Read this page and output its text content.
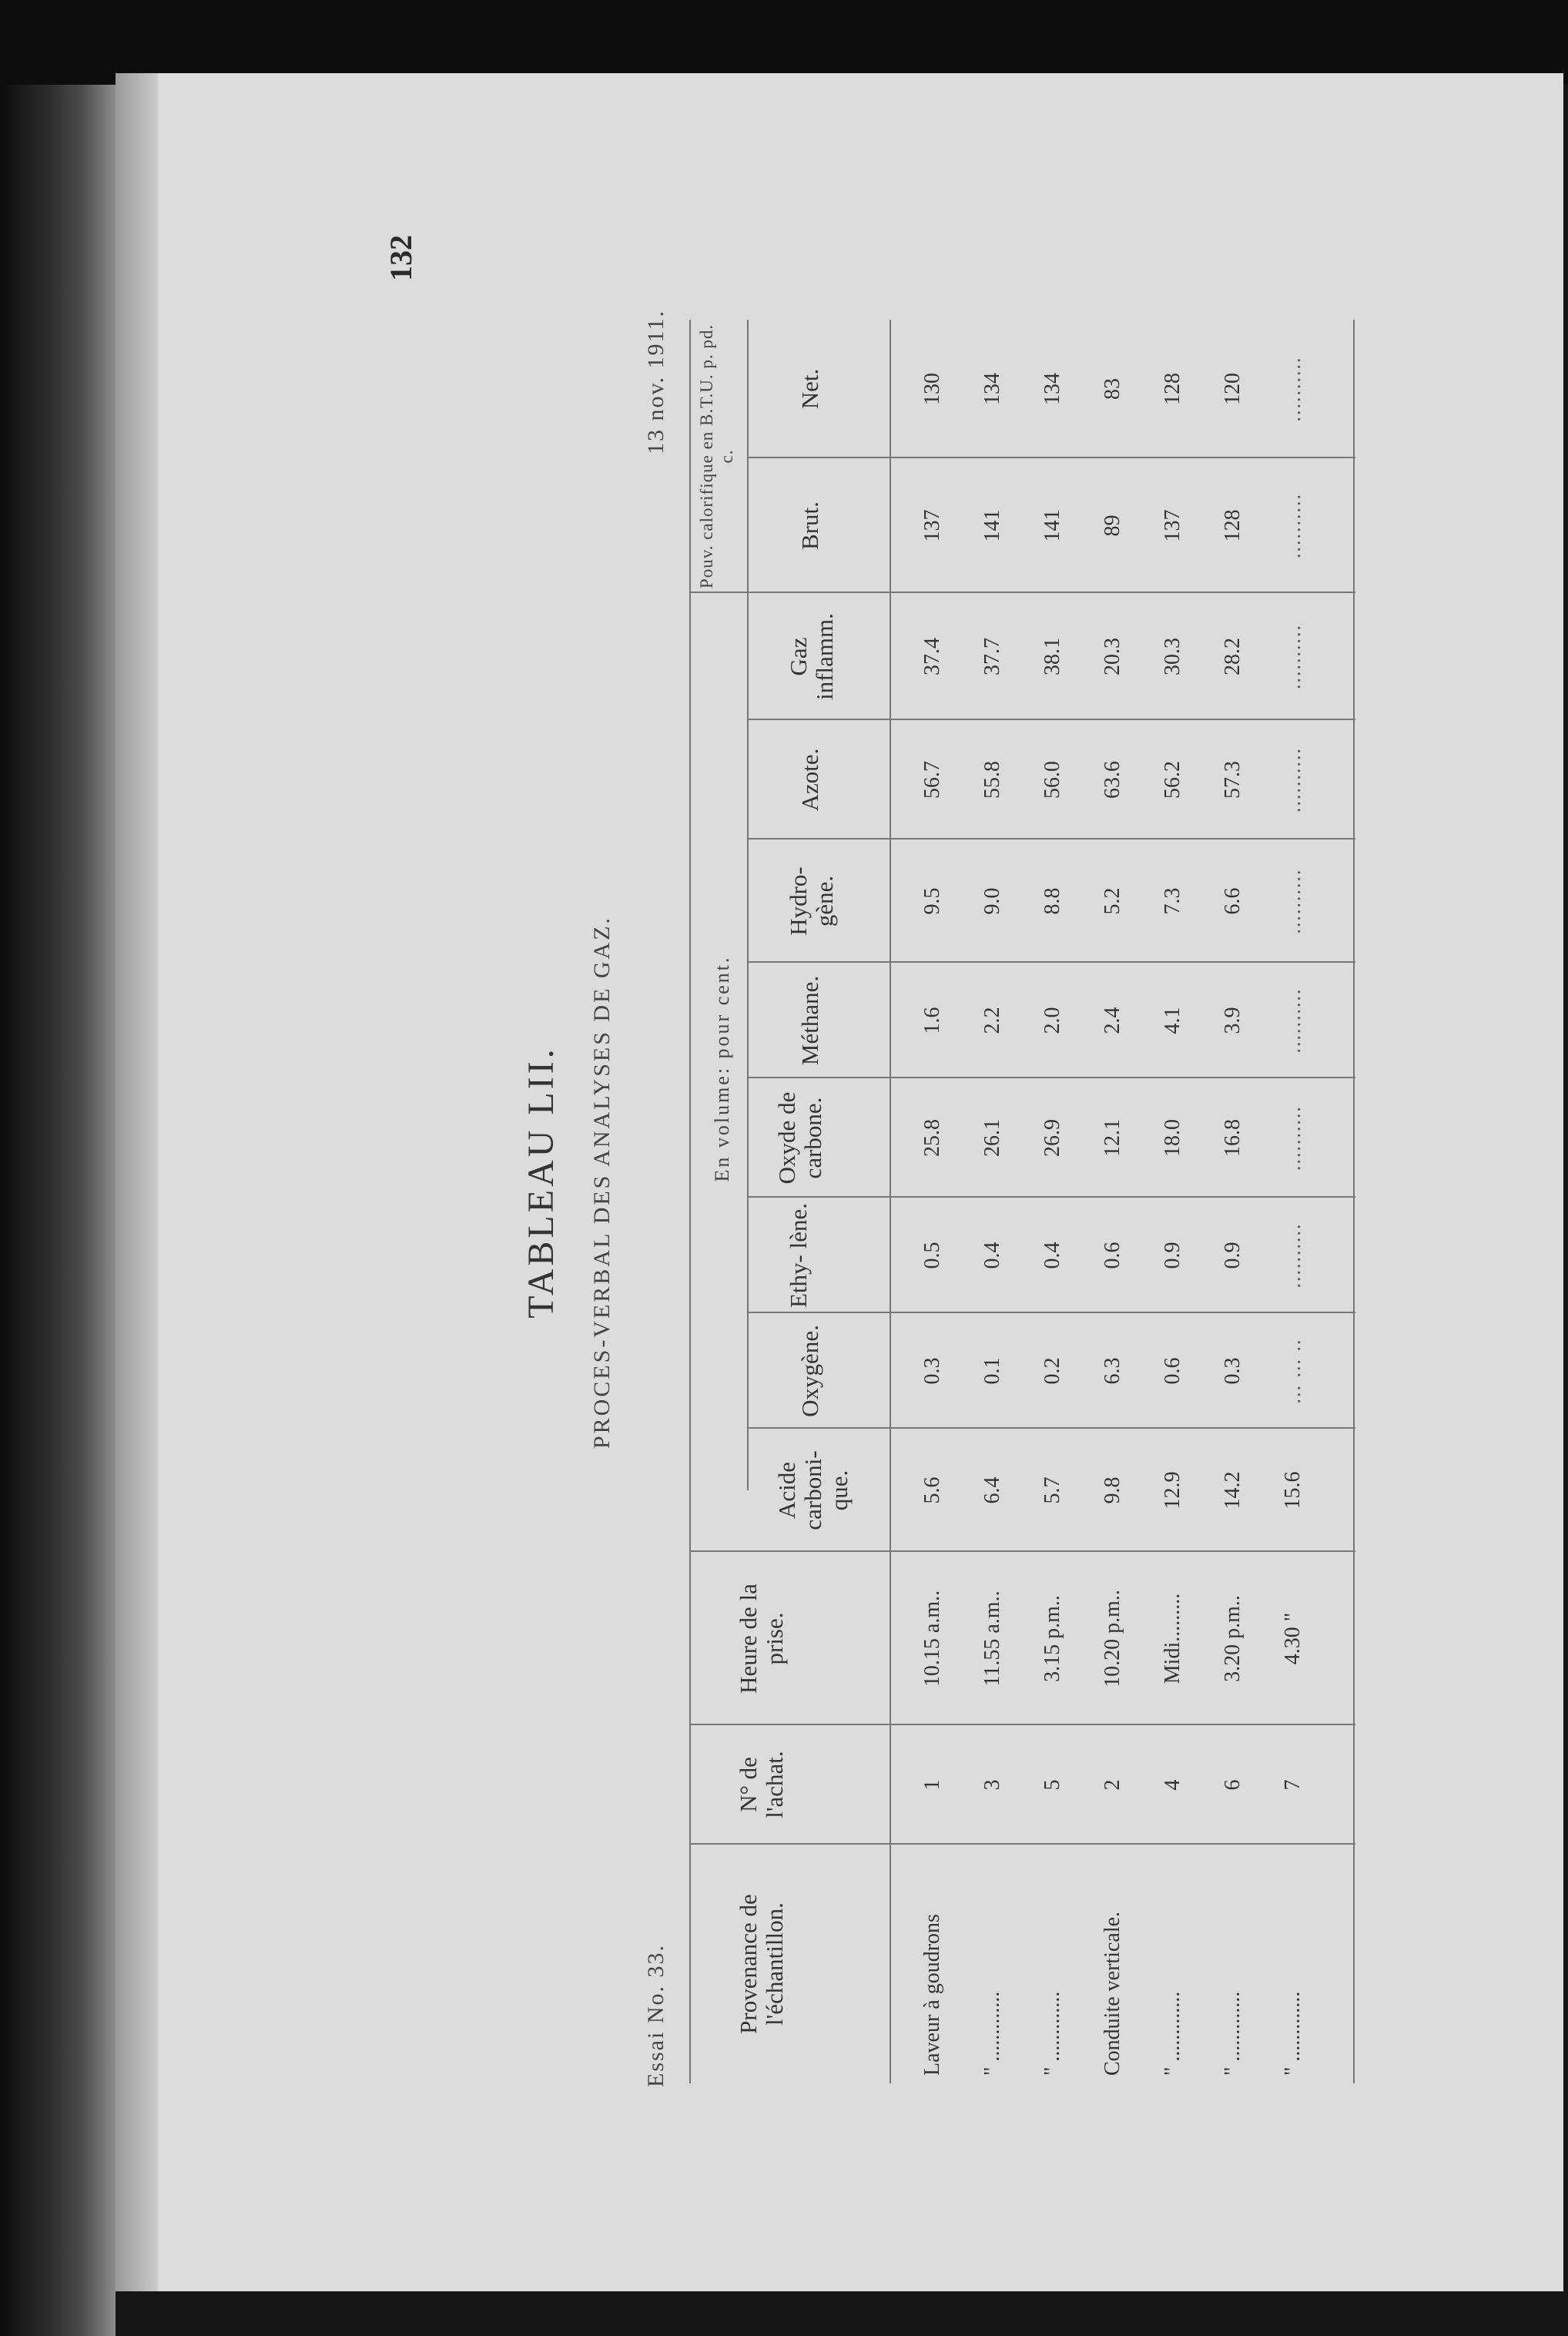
132
TABLEAU LII. PROCES-VERBAL DES ANALYSES DE GAZ.
Essai No. 33.
13 nov. 1911.
Provenance de l'échantillon.
N° de l'achat.
Heure de la prise.
En volume: pour cent.
Pouv. calorifique en B.T.U. p. pd. c.
Acide carboni- que.
Oxygène.
Ethy- lène.
Oxyde de carbone.
Méthane.
Hydro- gène.
Azote.
Gaz inflamm.
Brut.
Net.
Laveur à goudrons
1
10.15 a.m..
5.6
0.3
0.5
25.8
1.6
9.5
56.7
37.4
137
130
" .............
3
11.55 a.m..
6.4
0.1
0.4
26.1
2.2
9.0
55.8
37.7
141
134
" .............
5
3.15 p.m..
5.7
0.2
0.4
26.9
2.0
8.8
56.0
38.1
141
134
Conduite verticale.
2
10.20 p.m..
9.8
6.3
0.6
12.1
2.4
5.2
63.6
20.3
89
83
" .............
4
Midi.........
12.9
0.6
0.9
18.0
4.1
7.3
56.2
30.3
137
128
" .............
6
3.20 p.m..
14.2
0.3
0.9
16.8
3.9
6.6
57.3
28.2
128
120
" .............
7
4.30 "
15.6
... ... ..
..........
..........
..........
..........
..........
..........
..........
..........
